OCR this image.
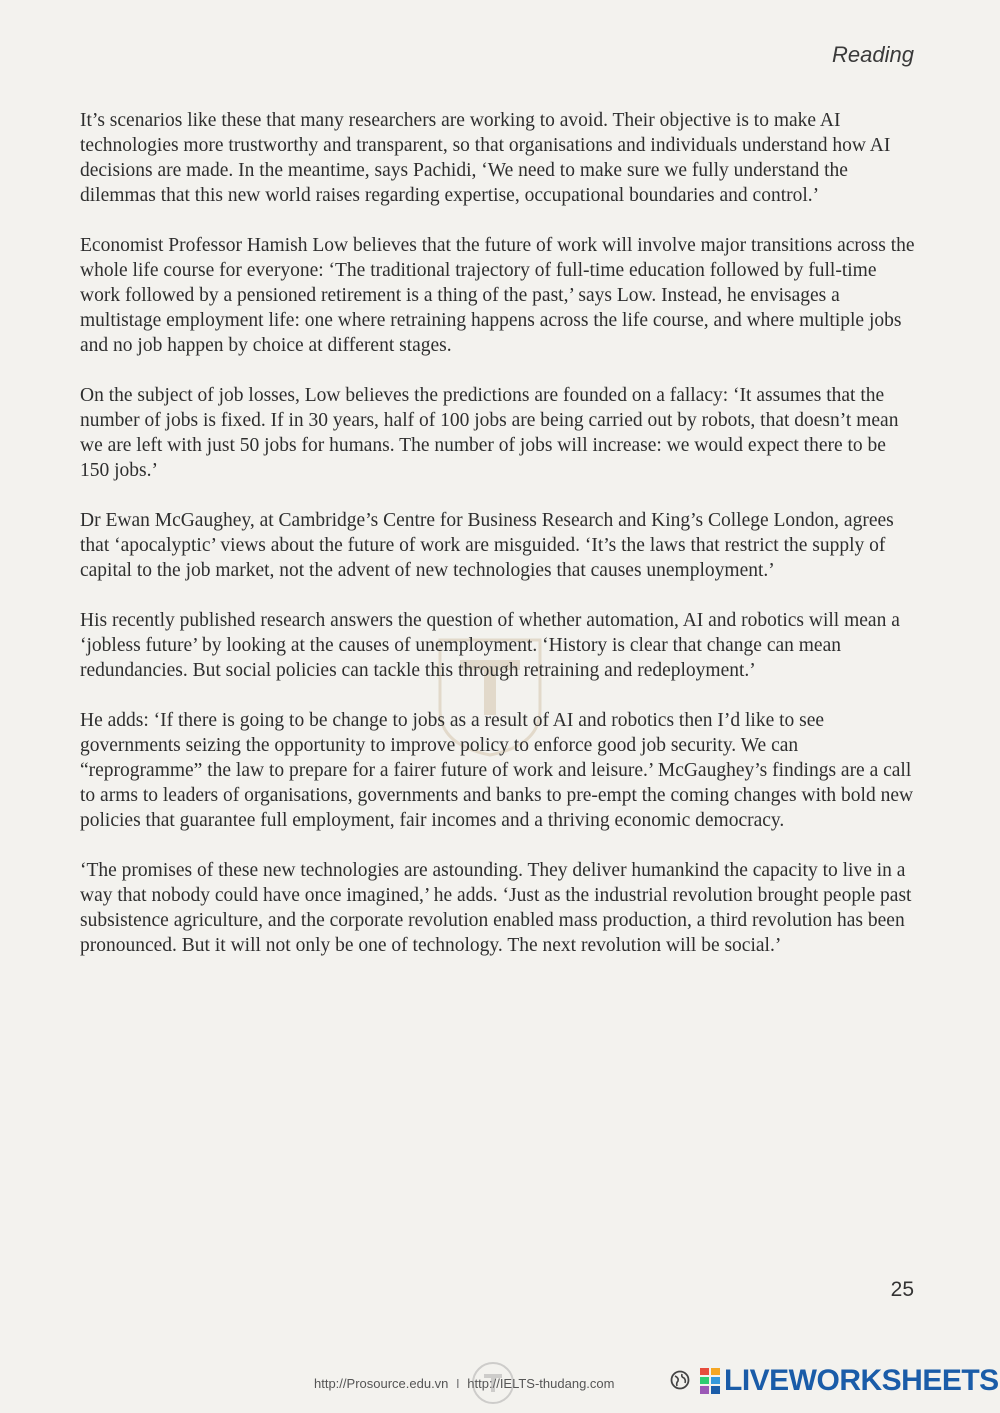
Reading

It’s scenarios like these that many researchers are working to avoid. Their objective is to make AI technologies more trustworthy and transparent, so that organisations and individuals understand how AI decisions are made. In the meantime, says Pachidi, ‘We need to make sure we fully understand the dilemmas that this new world raises regarding expertise, occupational boundaries and control.’

Economist Professor Hamish Low believes that the future of work will involve major transitions across the whole life course for everyone: ‘The traditional trajectory of full-time education followed by full-time work followed by a pensioned retirement is a thing of the past,’ says Low. Instead, he envisages a multistage employment life: one where retraining happens across the life course, and where multiple jobs and no job happen by choice at different stages.

On the subject of job losses, Low believes the predictions are founded on a fallacy: ‘It assumes that the number of jobs is fixed. If in 30 years, half of 100 jobs are being carried out by robots, that doesn’t mean we are left with just 50 jobs for humans. The number of jobs will increase: we would expect there to be 150 jobs.’

Dr Ewan McGaughey, at Cambridge’s Centre for Business Research and King’s College London, agrees that ‘apocalyptic’ views about the future of work are misguided. ‘It’s the laws that restrict the supply of capital to the job market, not the advent of new technologies that causes unemployment.’

His recently published research answers the question of whether automation, AI and robotics will mean a ‘jobless future’ by looking at the causes of unemployment. ‘History is clear that change can mean redundancies. But social policies can tackle this through retraining and redeployment.’

He adds: ‘If there is going to be change to jobs as a result of AI and robotics then I’d like to see governments seizing the opportunity to improve policy to enforce good job security. We can “reprogramme” the law to prepare for a fairer future of work and leisure.’ McGaughey’s findings are a call to arms to leaders of organisations, governments and banks to pre-empt the coming changes with bold new policies that guarantee full employment, fair incomes and a thriving economic democracy.

‘The promises of these new technologies are astounding. They deliver humankind the capacity to live in a way that nobody could have once imagined,’ he adds. ‘Just as the industrial revolution brought people past subsistence agriculture, and the corporate revolution enabled mass production, a third revolution has been pronounced. But it will not only be one of technology. The next revolution will be social.’

25
http://Prosource.edu.vn I http://IELTS-thudang.com	LIVEWORKSHEETS
